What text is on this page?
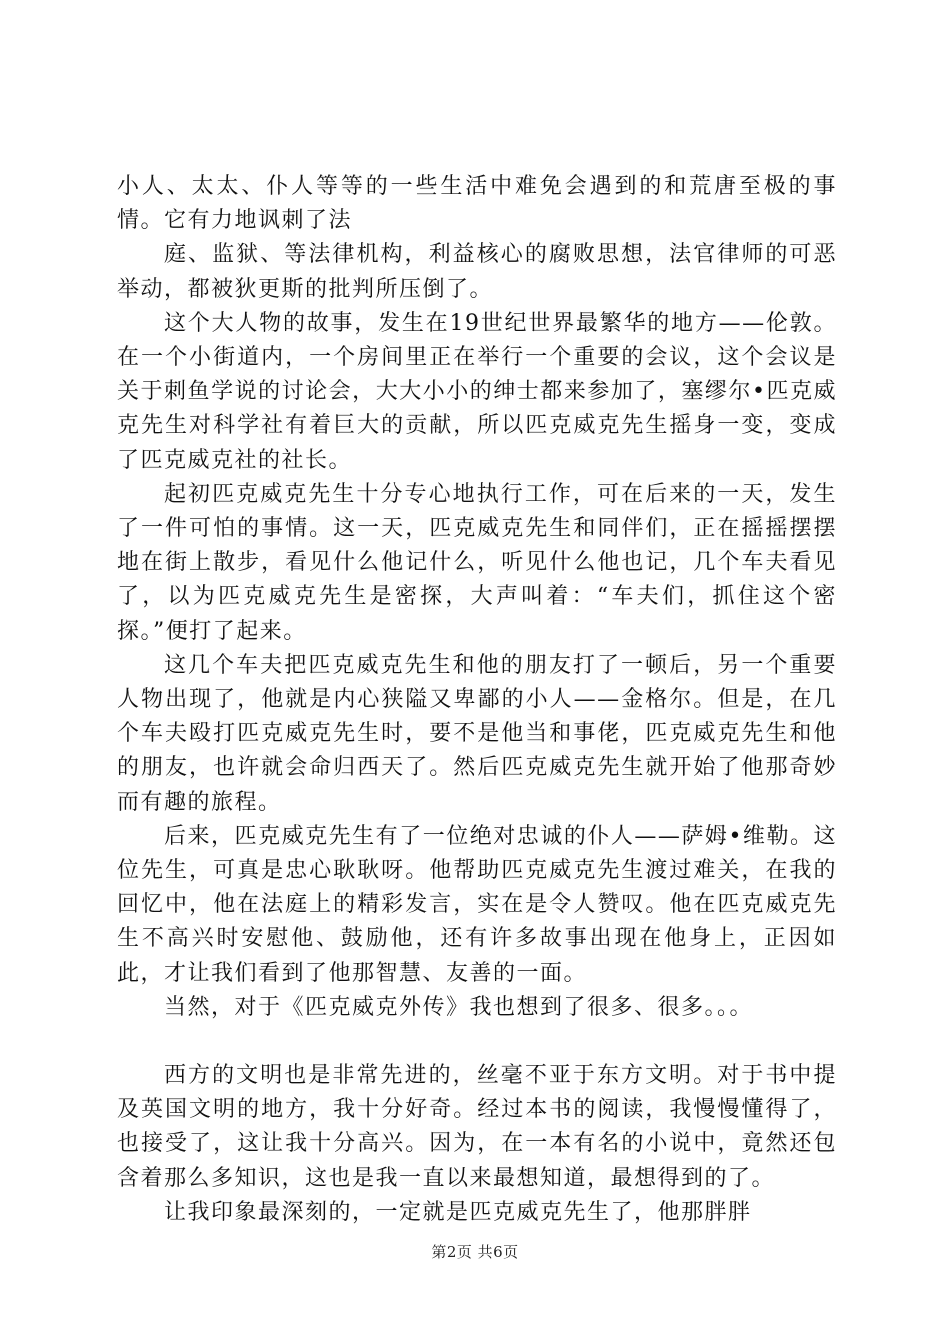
小人、太太、仆人等等的一些生活中难免会遇到的和荒唐至极的事情。它有力地讽刺了法

庭、监狱、等法律机构，利益核心的腐败思想，法官律师的可恶举动，都被狄更斯的批判所压倒了。

这个大人物的故事，发生在19世纪世界最繁华的地方——伦敦。在一个小街道内，一个房间里正在举行一个重要的会议，这个会议是关于刺鱼学说的讨论会，大大小小的绅士都来参加了，塞缪尔•匹克威克先生对科学社有着巨大的贡献，所以匹克威克先生摇身一变，变成了匹克威克社的社长。

起初匹克威克先生十分专心地执行工作，可在后来的一天，发生了一件可怕的事情。这一天，匹克威克先生和同伴们，正在摇摇摆摆地在街上散步，看见什么他记什么，听见什么他也记，几个车夫看见了，以为匹克威克先生是密探，大声叫着：“车夫们，抓住这个密探。”便打了起来。

这几个车夫把匹克威克先生和他的朋友打了一顿后，另一个重要人物出现了，他就是内心狭隘又卑鄙的小人——金格尔。但是，在几个车夫殴打匹克威克先生时，要不是他当和事佬，匹克威克先生和他的朋友，也许就会命归西天了。然后匹克威克先生就开始了他那奇妙而有趣的旅程。

后来，匹克威克先生有了一位绝对忠诚的仆人——萨姆•维勒。这位先生，可真是忠心耿耿呀。他帮助匹克威克先生渡过难关，在我的回忆中，他在法庭上的精彩发言，实在是令人赞叹。他在匹克威克先生不高兴时安慰他、鼓励他，还有许多故事出现在他身上，正因如此，才让我们看到了他那智慧、友善的一面。

当然，对于《匹克威克外传》我也想到了很多、很多。。。

西方的文明也是非常先进的，丝毫不亚于东方文明。对于书中提及英国文明的地方，我十分好奇。经过本书的阅读，我慢慢懂得了，也接受了，这让我十分高兴。因为，在一本有名的小说中，竟然还包含着那么多知识，这也是我一直以来最想知道，最想得到的了。

让我印象最深刻的，一定就是匹克威克先生了，他那胖胖

第2页 共6页
